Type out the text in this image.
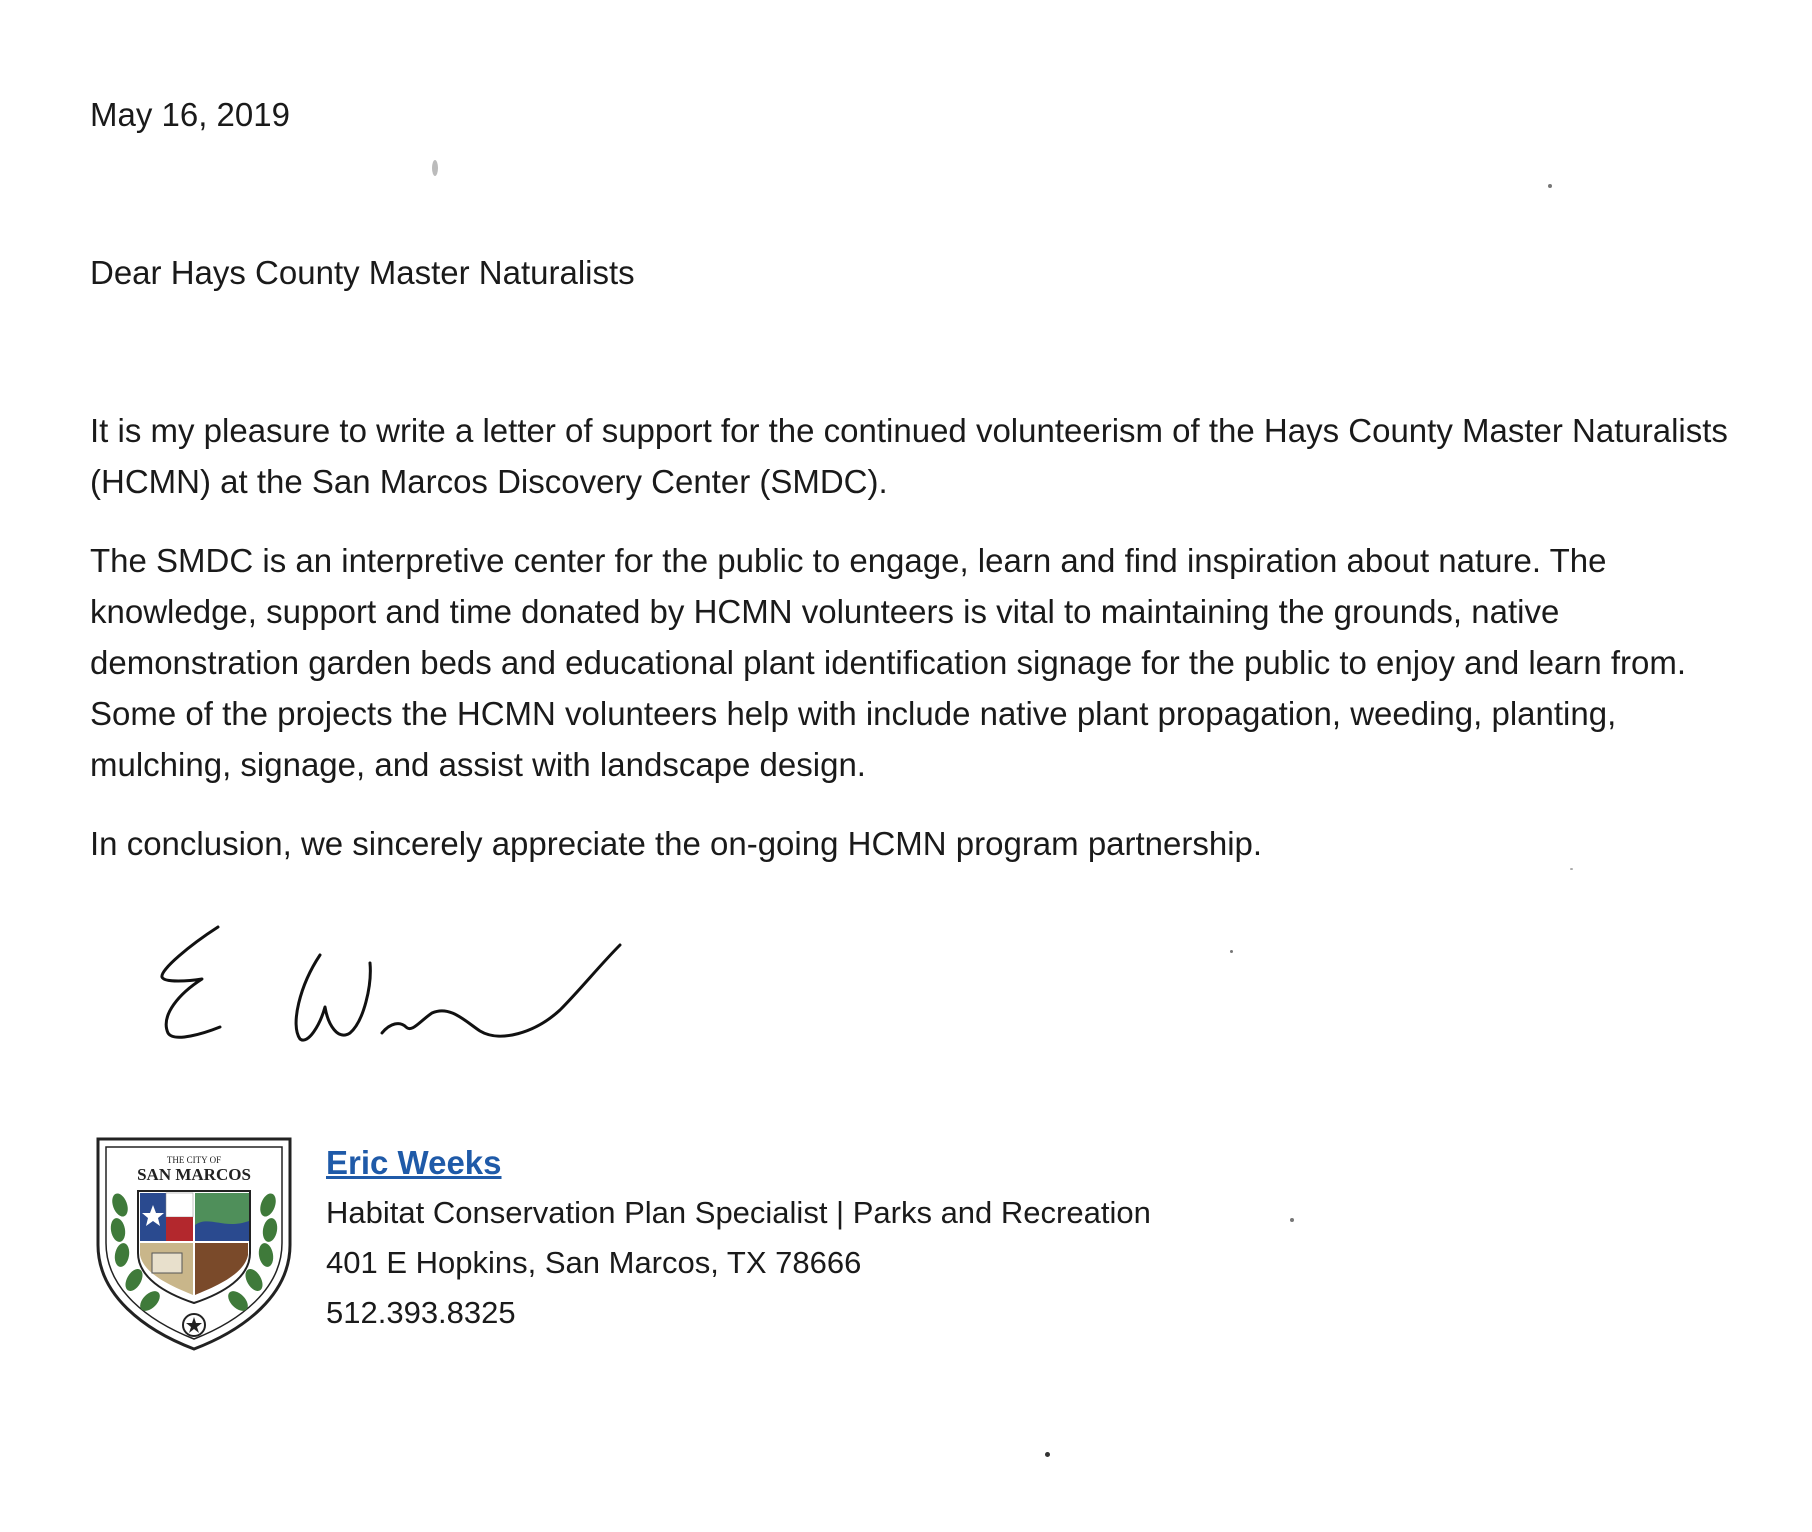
May 16, 2019
Dear Hays County Master Naturalists

It is my pleasure to write a letter of support for the continued volunteerism of the Hays County Master Naturalists (HCMN) at the San Marcos Discovery Center (SMDC).

The SMDC is an interpretive center for the public to engage, learn and find inspiration about nature. The knowledge, support and time donated by HCMN volunteers is vital to maintaining the grounds, native demonstration garden beds and educational plant identification signage for the public to enjoy and learn from. Some of the projects the HCMN volunteers help with include native plant propagation, weeding, planting, mulching, signage, and assist with landscape design.

In conclusion, we sincerely appreciate the on-going HCMN program partnership.

THE CITY OF
SAN MARCOS Eric Weeks
Habitat Conservation Plan Specialist | Parks and Recreation
401 E Hopkins, San Marcos, TX 78666
512.393.8325
